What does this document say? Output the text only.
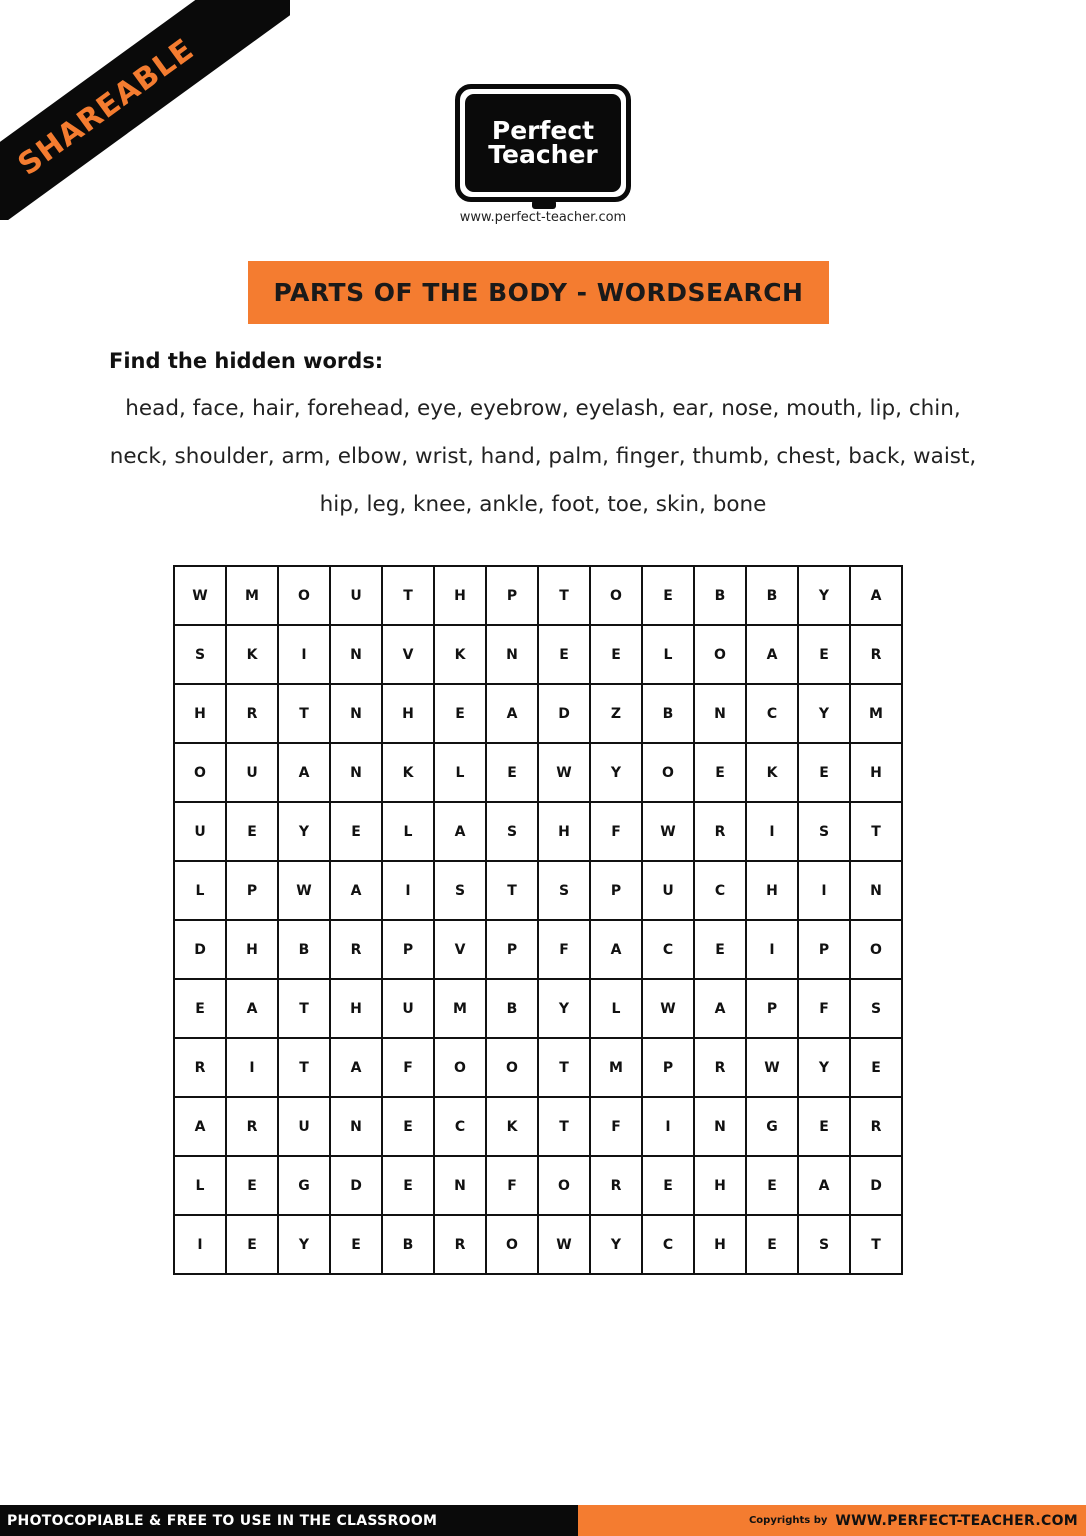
SHAREABLE	Perfect
Teacher
www.perfect-teacher.com
PARTS OF THE BODY - WORDSEARCH
Find the hidden words:
head, face, hair, forehead, eye, eyebrow, eyelash, ear, nose, mouth, lip, chin,
neck, shoulder, arm, elbow, wrist, hand, palm, finger, thumb, chest, back, waist,
hip, leg, knee, ankle, foot, toe, skin, bone
W	M	O	U	T	H	P	T	O	E	B	B	Y	A
S	K	I	N	V	K	N	E	E	L	O	A	E	R
H	R	T	N	H	E	A	D	Z	B	N	C	Y	M
O	U	A	N	K	L	E	W	Y	O	E	K	E	H
U	E	Y	E	L	A	S	H	F	W	R	I	S	T
L	P	W	A	I	S	T	S	P	U	C	H	I	N
D	H	B	R	P	V	P	F	A	C	E	I	P	O
E	A	T	H	U	M	B	Y	L	W	A	P	F	S
R	I	T	A	F	O	O	T	M	P	R	W	Y	E
A	R	U	N	E	C	K	T	F	I	N	G	E	R
L	E	G	D	E	N	F	O	R	E	H	E	A	D
I	E	Y	E	B	R	O	W	Y	C	H	E	S	T
PHOTOCOPIABLE & FREE TO USE IN THE CLASSROOM	Copyrights by WWW.PERFECT-TEACHER.COM
